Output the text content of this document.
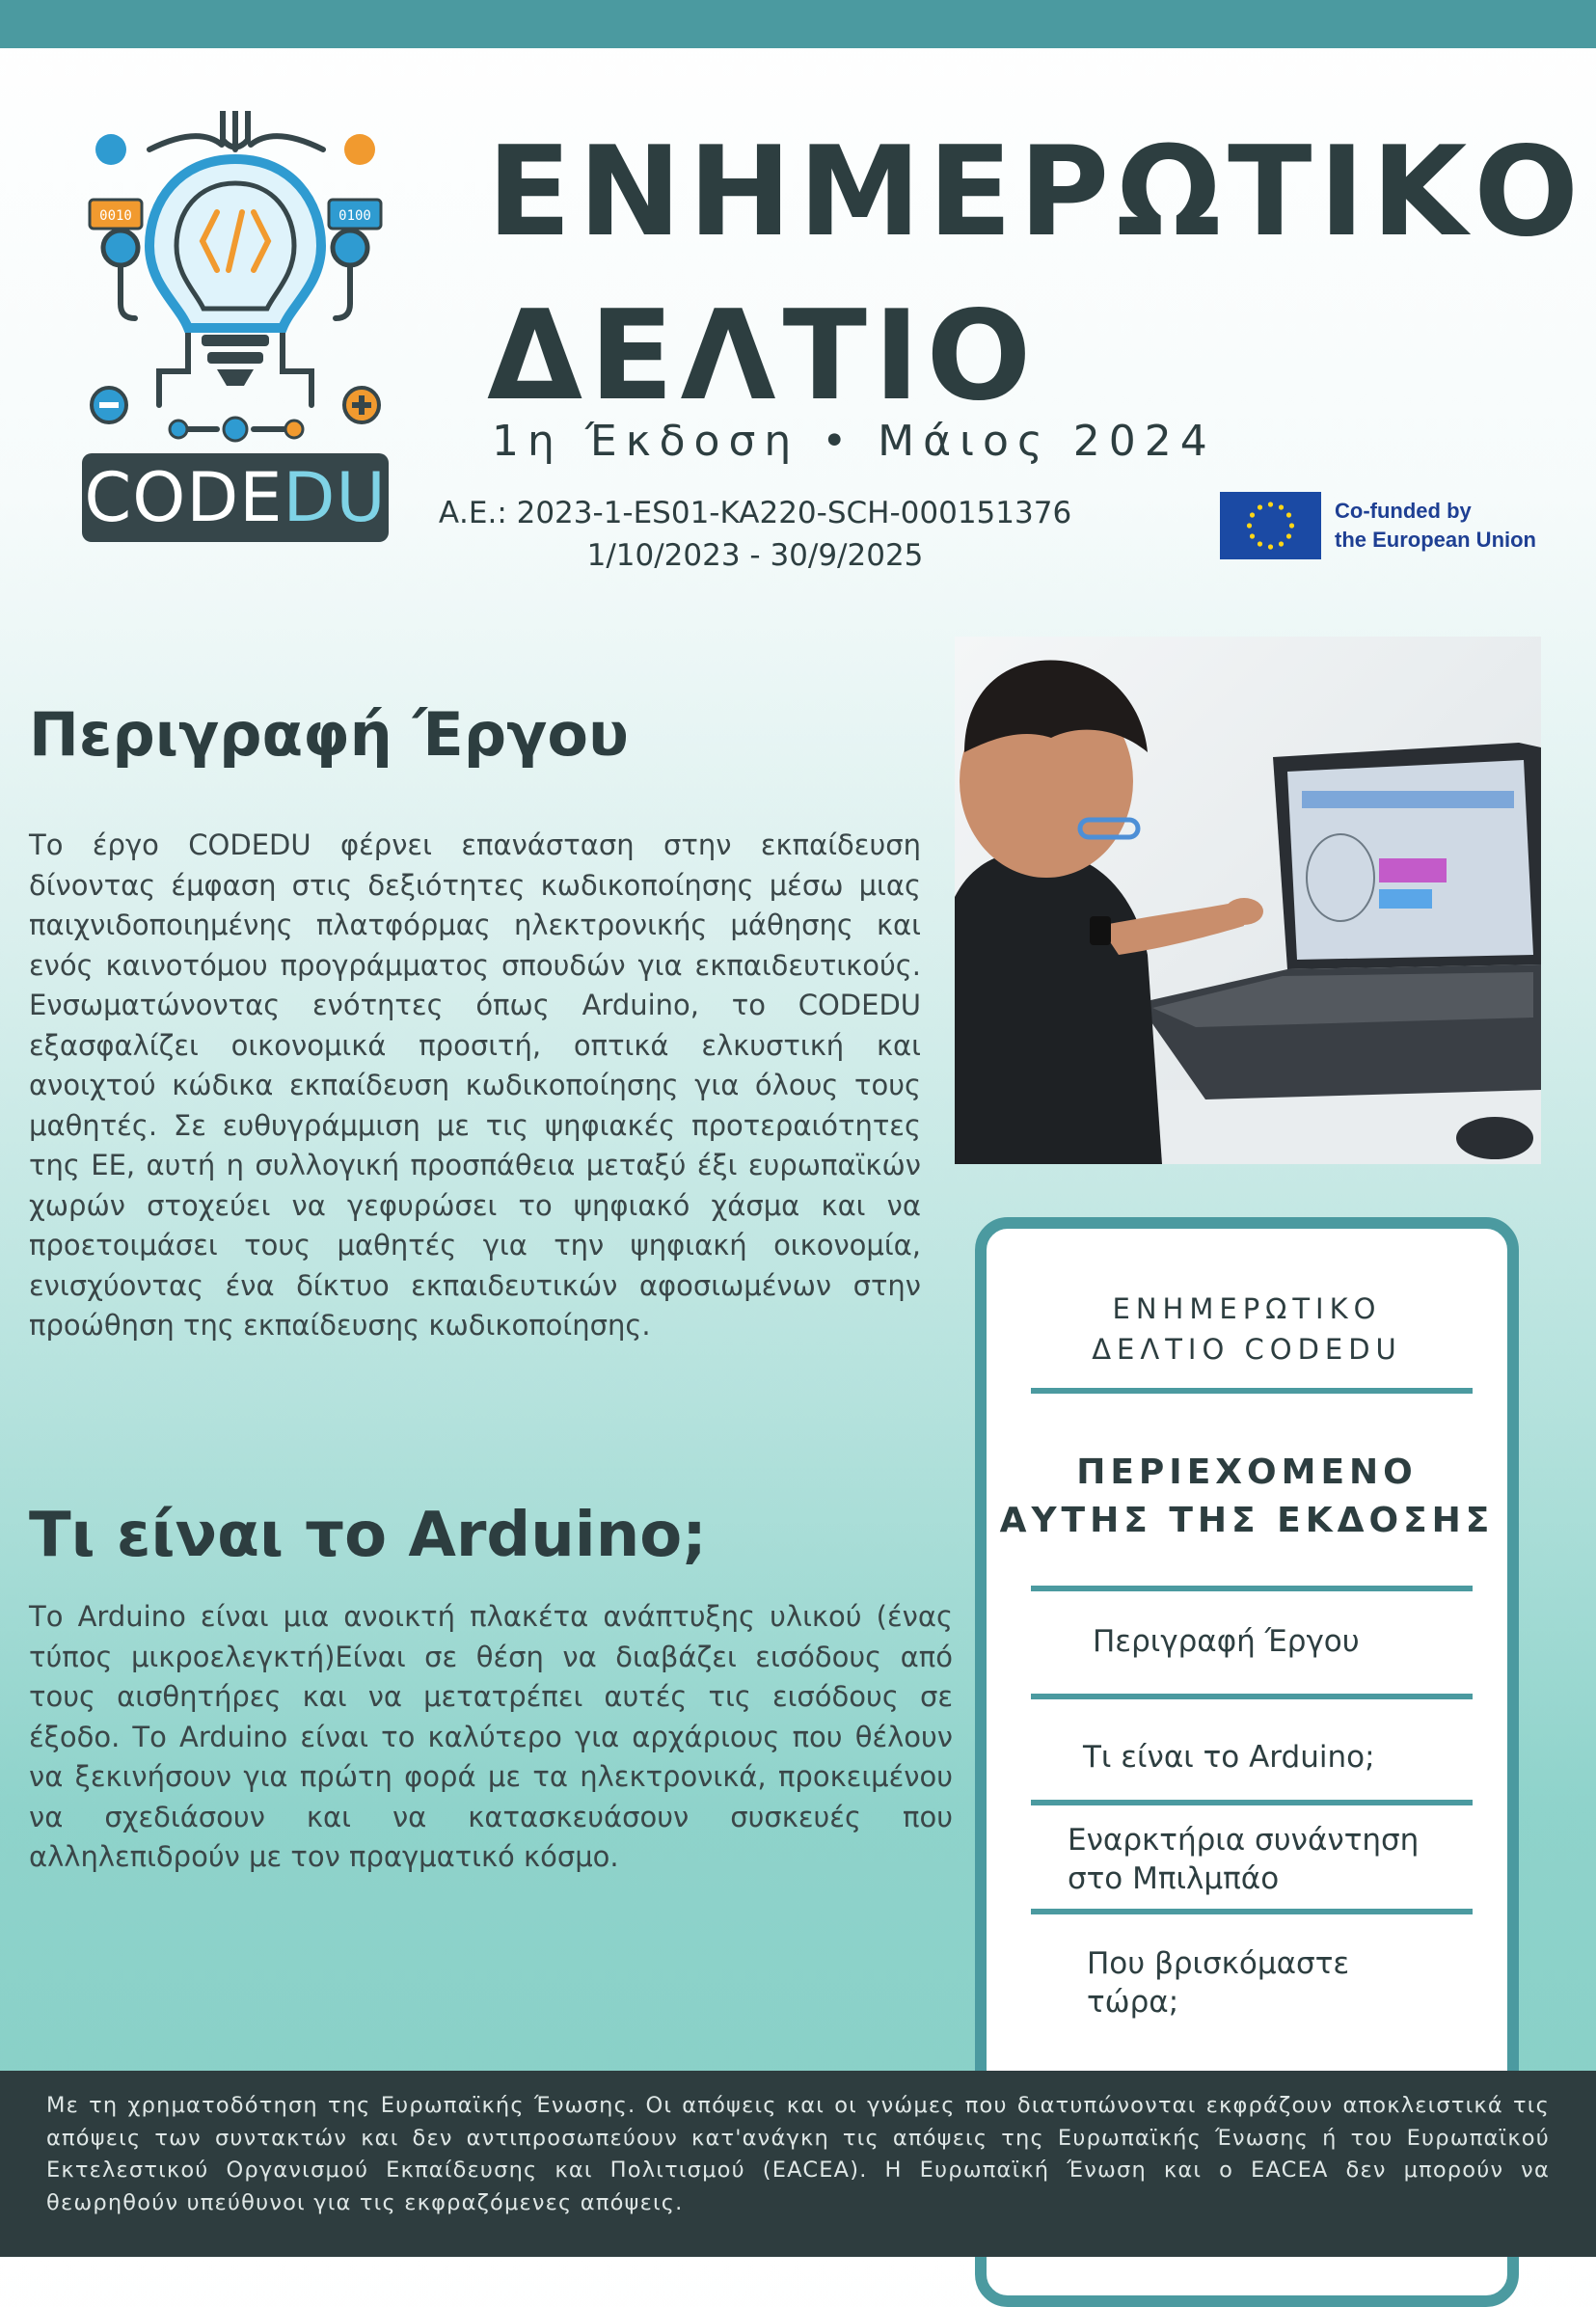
0010	0100
CODE DU
ΕΝΗΜΕΡΩΤΙΚΟ
ΔΕΛΤΙΟ
1η Έκδοση • Μάιος 2024
Α.Ε.: 2023-1-ES01-KA220-SCH-000151376
1/10/2023 - 30/9/2025
Co-funded by
the European Union
Περιγραφή Έργου

Το έργο CODEDU φέρνει επανάσταση στην εκπαίδευση δίνοντας έμφαση στις δεξιότητες κωδικοποίησης μέσω μιας παιχνιδοποιημένης πλατφόρμας ηλεκτρονικής μάθησης και ενός καινοτόμου προγράμματος σπουδών για εκπαιδευτικούς. Ενσωματώνοντας ενότητες όπως Arduino, το CODEDU εξασφαλίζει οικονομικά προσιτή, οπτικά ελκυστική και ανοιχτού κώδικα εκπαίδευση κωδικοποίησης για όλους τους μαθητές. Σε ευθυγράμμιση με τις ψηφιακές προτεραιότητες της ΕΕ, αυτή η συλλογική προσπάθεια μεταξύ έξι ευρωπαϊκών χωρών στοχεύει να γεφυρώσει το ψηφιακό χάσμα και να προετοιμάσει τους μαθητές για την ψηφιακή οικονομία, ενισχύοντας ένα δίκτυο εκπαιδευτικών αφοσιωμένων στην προώθηση της εκπαίδευσης κωδικοποίησης.

Τι είναι το Arduino;

Το Arduino είναι μια ανοικτή πλακέτα ανάπτυξης υλικού (ένας τύπος μικροελεγκτή)Είναι σε θέση να διαβάζει εισόδους από τους αισθητήρες και να μετατρέπει αυτές τις εισόδους σε έξοδο. Το Arduino είναι το καλύτερο για αρχάριους που θέλουν να ξεκινήσουν για πρώτη φορά με τα ηλεκτρονικά, προκειμένου να σχεδιάσουν και να κατασκευάσουν συσκευές που αλληλεπιδρούν με τον πραγματικό κόσμο.

ΕΝΗΜΕΡΩΤΙΚΟ
ΔΕΛΤΙΟ CODEDU
ΠΕΡΙΕΧΟΜΕΝΟ
ΑΥΤΗΣ ΤΗΣ ΕΚΔΟΣΗΣ
Περιγραφή Έργου
Τι είναι το Arduino;
Εναρκτήρια συνάντηση
στο Μπιλμπάο
Που βρισκόμαστε
τώρα;

Με τη χρηματοδότηση της Ευρωπαϊκής Ένωσης. Οι απόψεις και οι γνώμες που διατυπώνονται εκφράζουν αποκλειστικά τις απόψεις των συντακτών και δεν αντιπροσωπεύουν κατ'ανάγκη τις απόψεις της Ευρωπαϊκής Ένωσης ή του Ευρωπαϊκού Εκτελεστικού Οργανισμού Εκπαίδευσης και Πολιτισμού (EACEA). Η Ευρωπαϊκή Ένωση και ο EACEA δεν μπορούν να θεωρηθούν υπεύθυνοι για τις εκφραζόμενες απόψεις.
